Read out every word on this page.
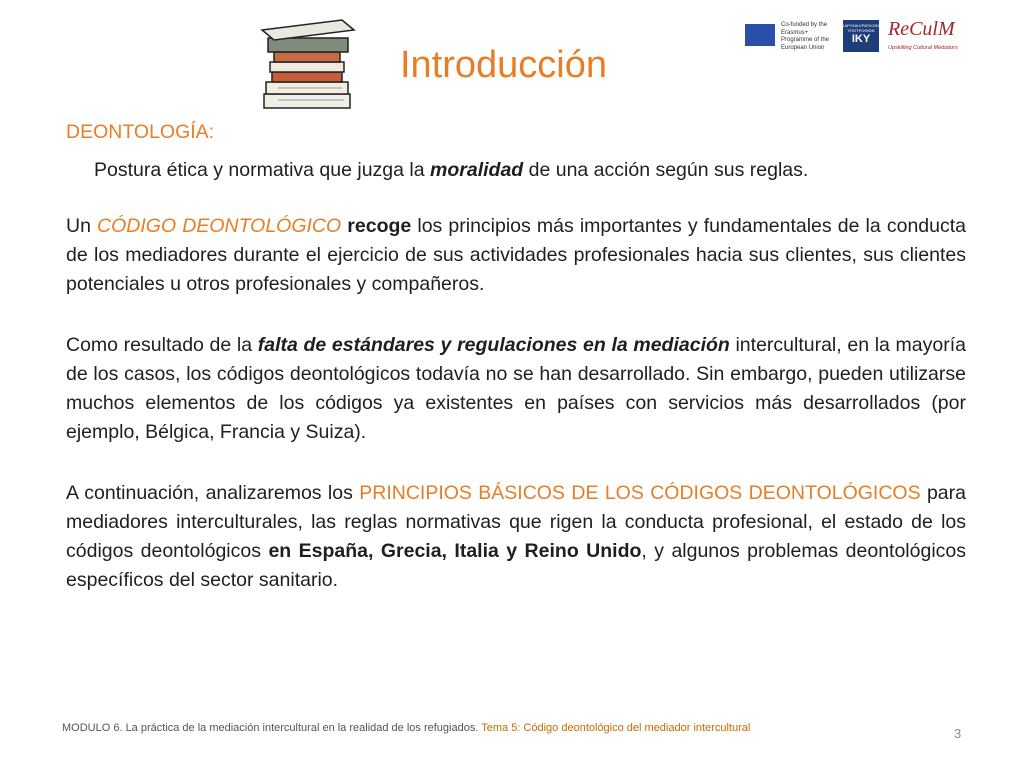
Introducción
Co-funded by the Erasmus+ Programme of the European Union
ΙΔΡΥΜΑ ΚΡΑΤΙΚΩΝ ΥΠΟΤΡΟΦΙΩΝ
IKY ReCulM
Upskilling Cultural Mediators

DEONTOLOGÍA:

Postura ética y normativa que juzga la moralidad de una acción según sus reglas.

Un CÓDIGO DEONTOLÓGICO recoge los principios más importantes y fundamentales de la conducta de los mediadores durante el ejercicio de sus actividades profesionales hacia sus clientes, sus clientes potenciales u otros profesionales y compañeros.

Como resultado de la falta de estándares y regulaciones en la mediación intercultural, en la mayoría de los casos, los códigos deontológicos todavía no se han desarrollado. Sin embargo, pueden utilizarse muchos elementos de los códigos ya existentes en países con servicios más desarrollados (por ejemplo, Bélgica, Francia y Suiza).

A continuación, analizaremos los PRINCIPIOS BÁSICOS DE LOS CÓDIGOS DEONTOLÓGICOS para mediadores interculturales, las reglas normativas que rigen la conducta profesional, el estado de los códigos deontológicos en España, Grecia, Italia y Reino Unido, y algunos problemas deontológicos específicos del sector sanitario.

MODULO 6. La práctica de la mediación intercultural en la realidad de los refugiados. Tema 5: Código deontológico del mediador intercultural	3
